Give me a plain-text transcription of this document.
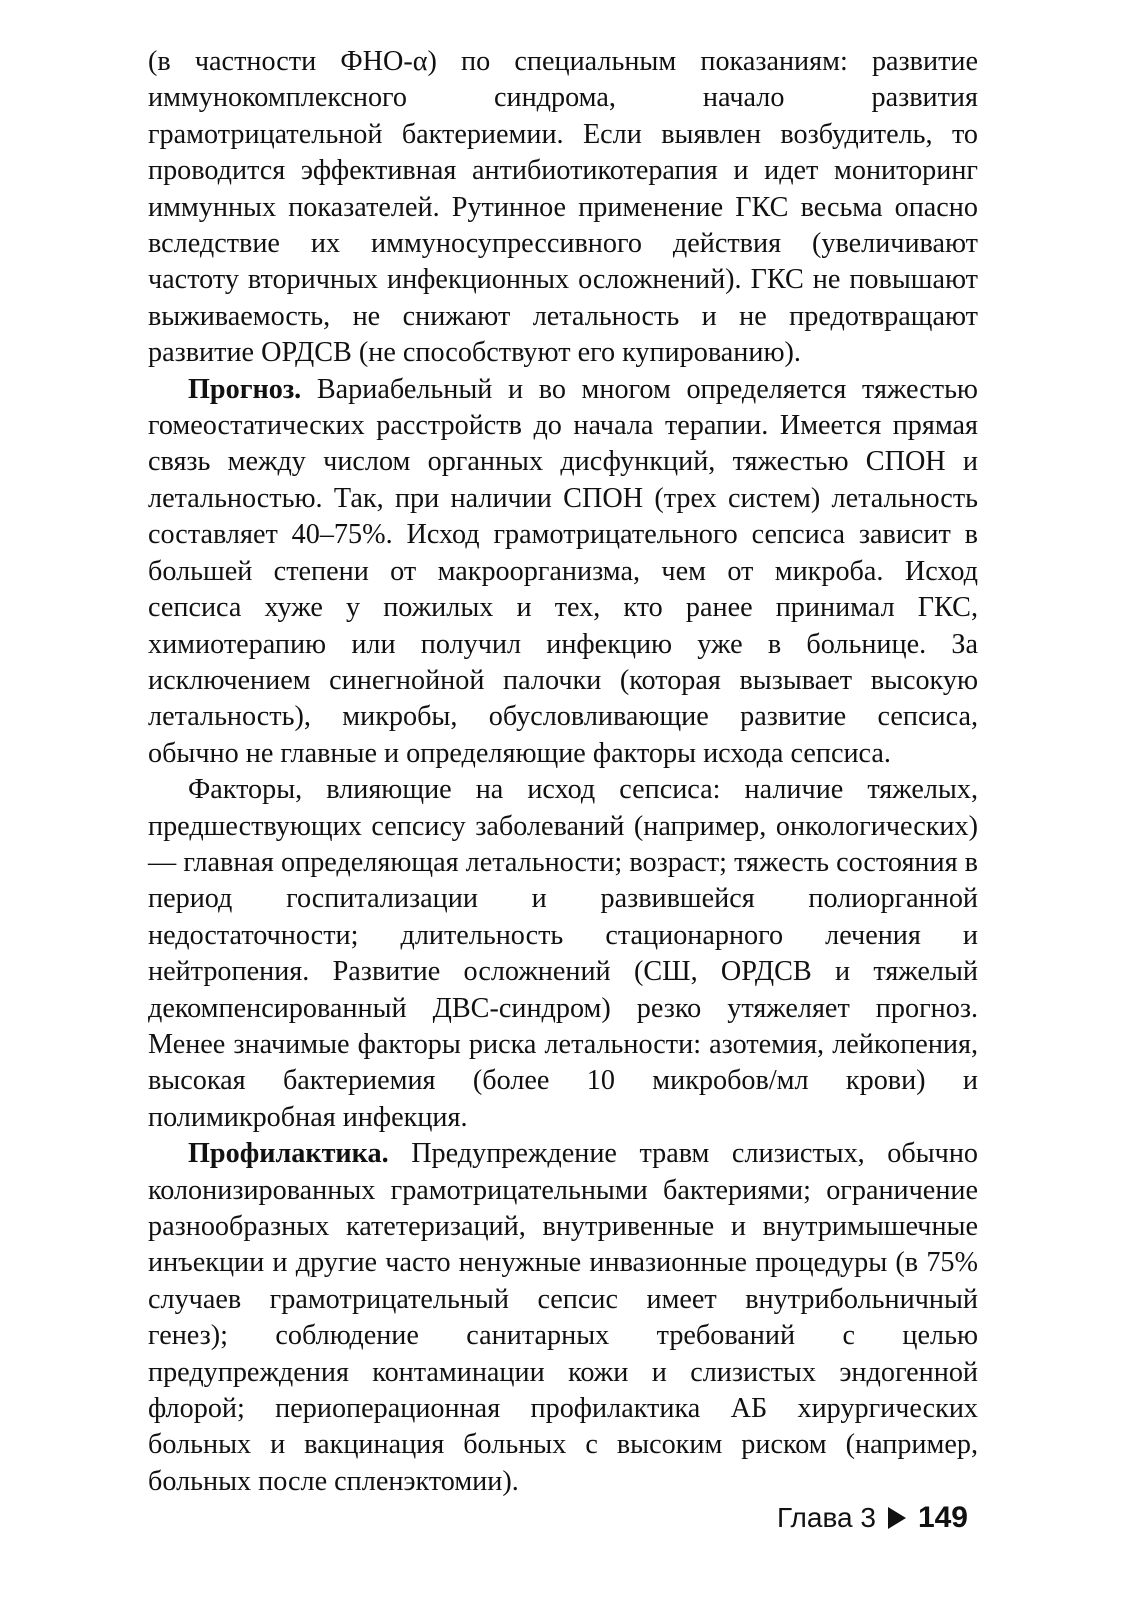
(в частности ФНО-α) по специальным показаниям: развитие иммунокомплексного синдрома, начало развития грамотрицательной бактериемии. Если выявлен возбудитель, то проводится эффективная антибиотикотерапия и идет мониторинг иммунных показателей. Рутинное применение ГКС весьма опасно вследствие их иммуносупрессивного действия (увеличивают частоту вторичных инфекционных осложнений). ГКС не повышают выживаемость, не снижают летальность и не предотвращают развитие ОРДСВ (не способствуют его купированию).

Прогноз. Вариабельный и во многом определяется тяжестью гомеостатических расстройств до начала терапии. Имеется прямая связь между числом органных дисфункций, тяжестью СПОН и летальностью. Так, при наличии СПОН (трех систем) летальность составляет 40–75%. Исход грамотрицательного сепсиса зависит в большей степени от макроорганизма, чем от микроба. Исход сепсиса хуже у пожилых и тех, кто ранее принимал ГКС, химиотерапию или получил инфекцию уже в больнице. За исключением синегнойной палочки (которая вызывает высокую летальность), микробы, обусловливающие развитие сепсиса, обычно не главные и определяющие факторы исхода сепсиса.

Факторы, влияющие на исход сепсиса: наличие тяжелых, предшествующих сепсису заболеваний (например, онкологических) — главная определяющая летальности; возраст; тяжесть состояния в период госпитализации и развившейся полиорганной недостаточности; длительность стационарного лечения и нейтропения. Развитие осложнений (СШ, ОРДСВ и тяжелый декомпенсированный ДВС-синдром) резко утяжеляет прогноз. Менее значимые факторы риска летальности: азотемия, лейкопения, высокая бактериемия (более 10 микробов/мл крови) и полимикробная инфекция.

Профилактика. Предупреждение травм слизистых, обычно колонизированных грамотрицательными бактериями; ограничение разнообразных катетеризаций, внутривенные и внутримышечные инъекции и другие часто ненужные инвазионные процедуры (в 75% случаев грамотрицательный сепсис имеет внутрибольничный генез); соблюдение санитарных требований с целью предупреждения контаминации кожи и слизистых эндогенной флорой; периоперационная профилактика АБ хирургических больных и вакцинация больных с высоким риском (например, больных после спленэктомии).

Глава 3 149
